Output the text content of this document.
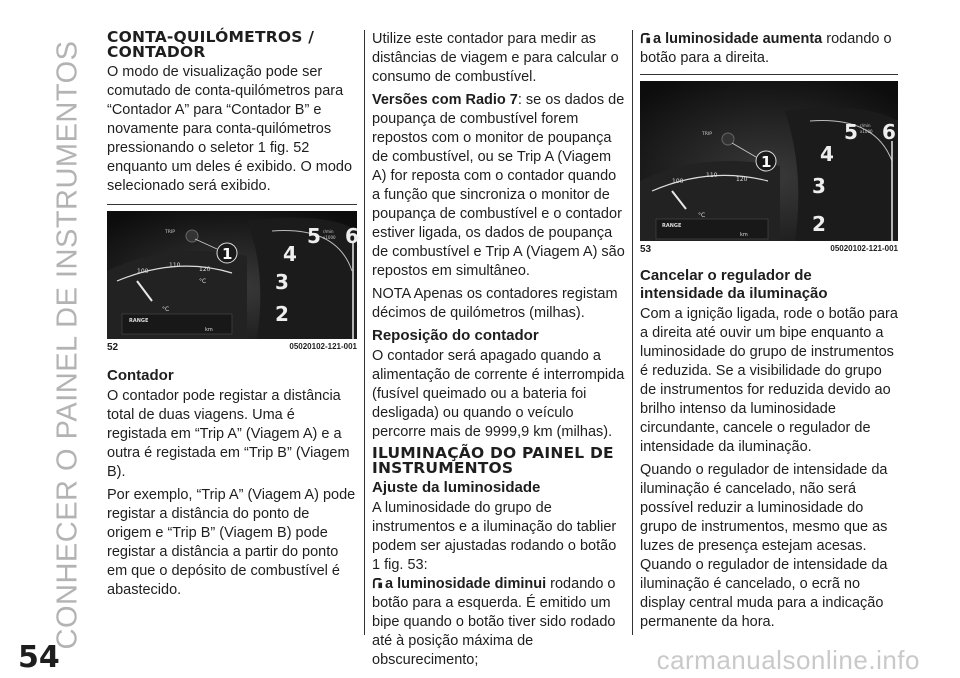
CONHECER O PAINEL DE INSTRUMENTOS
54
CONTA-QUILÓMETROS / CONTADOR

O modo de visualização pode ser comutado de conta-quilómetros para “Contador A” para “Contador B” e novamente para conta-quilómetros pressionando o seletor 1 fig. 52 enquanto um deles é exibido. O modo selecionado será exibido.

100
110
120
°C
°C
RANGE
km
2
3
4
5 6
r/min
x1000
TRIP
1
52	05020102-121-001
Contador

O contador pode registar a distância total de duas viagens. Uma é registada em “Trip A” (Viagem A) e a outra é registada em “Trip B” (Viagem B).

Por exemplo, “Trip A” (Viagem A) pode registar a distância do ponto de origem e “Trip B” (Viagem B) pode registar a distância a partir do ponto em que o depósito de combustível é abastecido.

Utilize este contador para medir as distâncias de viagem e para calcular o consumo de combustível.

Versões com Radio 7: se os dados de poupança de combustível forem repostos com o monitor de poupança de combustível, ou se Trip A (Viagem A) for reposta com o contador quando a função que sincroniza o monitor de poupança de combustível e o contador estiver ligada, os dados de poupança de combustível e Trip A (Viagem A) são repostos em simultâneo.

NOTA Apenas os contadores registam décimos de quilómetros (milhas).

Reposição do contador

O contador será apagado quando a alimentação de corrente é interrompida (fusível queimado ou a bateria foi desligada) ou quando o veículo percorre mais de 9999,9 km (milhas).

ILUMINAÇÃO DO PAINEL DE INSTRUMENTOS
Ajuste da luminosidade

A luminosidade do grupo de instrumentos e a iluminação do tablier podem ser ajustadas rodando o botão 1 fig. 53:

a luminosidade diminui rodando o botão para a esquerda. É emitido um bipe quando o botão tiver sido rodado até à posição máxima de obscurecimento;

a luminosidade aumenta rodando o botão para a direita.

100
110
120
°C
RANGE
km	2
3
4
5 6
r/min
x1000
TRIP
1
53	05020102-121-001
Cancelar o regulador de intensidade da iluminação

Com a ignição ligada, rode o botão para a direita até ouvir um bipe enquanto a luminosidade do grupo de instrumentos é reduzida. Se a visibilidade do grupo de instrumentos for reduzida devido ao brilho intenso da luminosidade circundante, cancele o regulador de intensidade da iluminação.

Quando o regulador de intensidade da iluminação é cancelado, não será possível reduzir a luminosidade do grupo de instrumentos, mesmo que as luzes de presença estejam acesas. Quando o regulador de intensidade da iluminação é cancelado, o ecrã no display central muda para a indicação permanente da hora.

carmanualsonline.info
